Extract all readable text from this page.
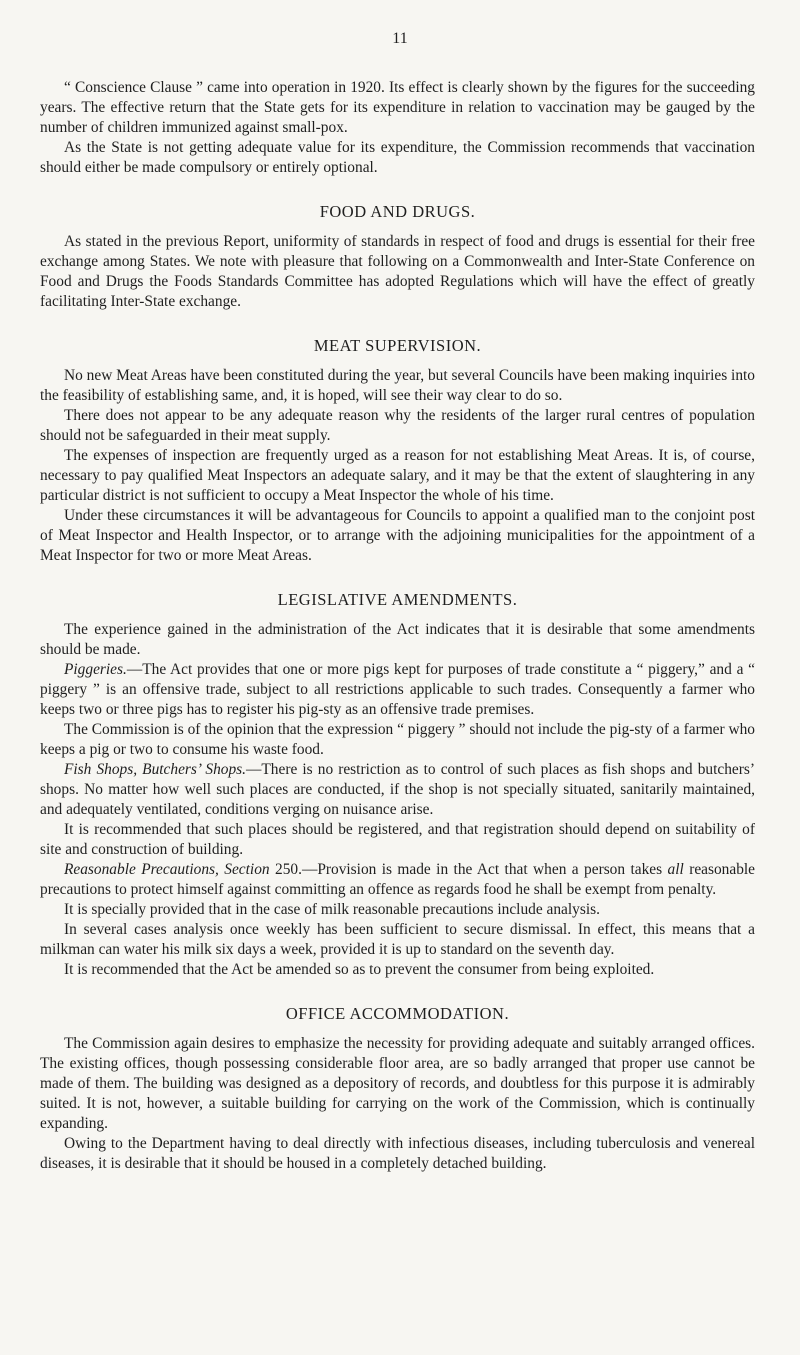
11

“ Conscience Clause ” came into operation in 1920. Its effect is clearly shown by the figures for the succeeding years. The effective return that the State gets for its expenditure in relation to vaccination may be gauged by the number of children immunized against small-pox.

As the State is not getting adequate value for its expenditure, the Commission recommends that vaccination should either be made compulsory or entirely optional.

FOOD AND DRUGS.

As stated in the previous Report, uniformity of standards in respect of food and drugs is essential for their free exchange among States. We note with pleasure that following on a Commonwealth and Inter-State Conference on Food and Drugs the Foods Standards Committee has adopted Regulations which will have the effect of greatly facilitating Inter-State exchange.

MEAT SUPERVISION.

No new Meat Areas have been constituted during the year, but several Councils have been making inquiries into the feasibility of establishing same, and, it is hoped, will see their way clear to do so.

There does not appear to be any adequate reason why the residents of the larger rural centres of population should not be safeguarded in their meat supply.

The expenses of inspection are frequently urged as a reason for not establishing Meat Areas. It is, of course, necessary to pay qualified Meat Inspectors an adequate salary, and it may be that the extent of slaughtering in any particular district is not sufficient to occupy a Meat Inspector the whole of his time.

Under these circumstances it will be advantageous for Councils to appoint a qualified man to the conjoint post of Meat Inspector and Health Inspector, or to arrange with the adjoining municipalities for the appointment of a Meat Inspector for two or more Meat Areas.

LEGISLATIVE AMENDMENTS.

The experience gained in the administration of the Act indicates that it is desirable that some amendments should be made.

Piggeries.—The Act provides that one or more pigs kept for purposes of trade constitute a “ piggery,” and a “ piggery ” is an offensive trade, subject to all restrictions applicable to such trades. Consequently a farmer who keeps two or three pigs has to register his pig-sty as an offensive trade premises.

The Commission is of the opinion that the expression “ piggery ” should not include the pig-sty of a farmer who keeps a pig or two to consume his waste food.

Fish Shops, Butchers’ Shops.—There is no restriction as to control of such places as fish shops and butchers’ shops. No matter how well such places are conducted, if the shop is not specially situated, sanitarily maintained, and adequately ventilated, conditions verging on nuisance arise.

It is recommended that such places should be registered, and that registration should depend on suitability of site and construction of building.

Reasonable Precautions, Section 250.—Provision is made in the Act that when a person takes all reasonable precautions to protect himself against committing an offence as regards food he shall be exempt from penalty.

It is specially provided that in the case of milk reasonable precautions include analysis.

In several cases analysis once weekly has been sufficient to secure dismissal. In effect, this means that a milkman can water his milk six days a week, provided it is up to standard on the seventh day.

It is recommended that the Act be amended so as to prevent the consumer from being exploited.

OFFICE ACCOMMODATION.

The Commission again desires to emphasize the necessity for providing adequate and suitably arranged offices. The existing offices, though possessing considerable floor area, are so badly arranged that proper use cannot be made of them. The building was designed as a depository of records, and doubtless for this purpose it is admirably suited. It is not, however, a suitable building for carrying on the work of the Commission, which is continually expanding.

Owing to the Department having to deal directly with infectious diseases, including tuberculosis and venereal diseases, it is desirable that it should be housed in a completely detached building.
